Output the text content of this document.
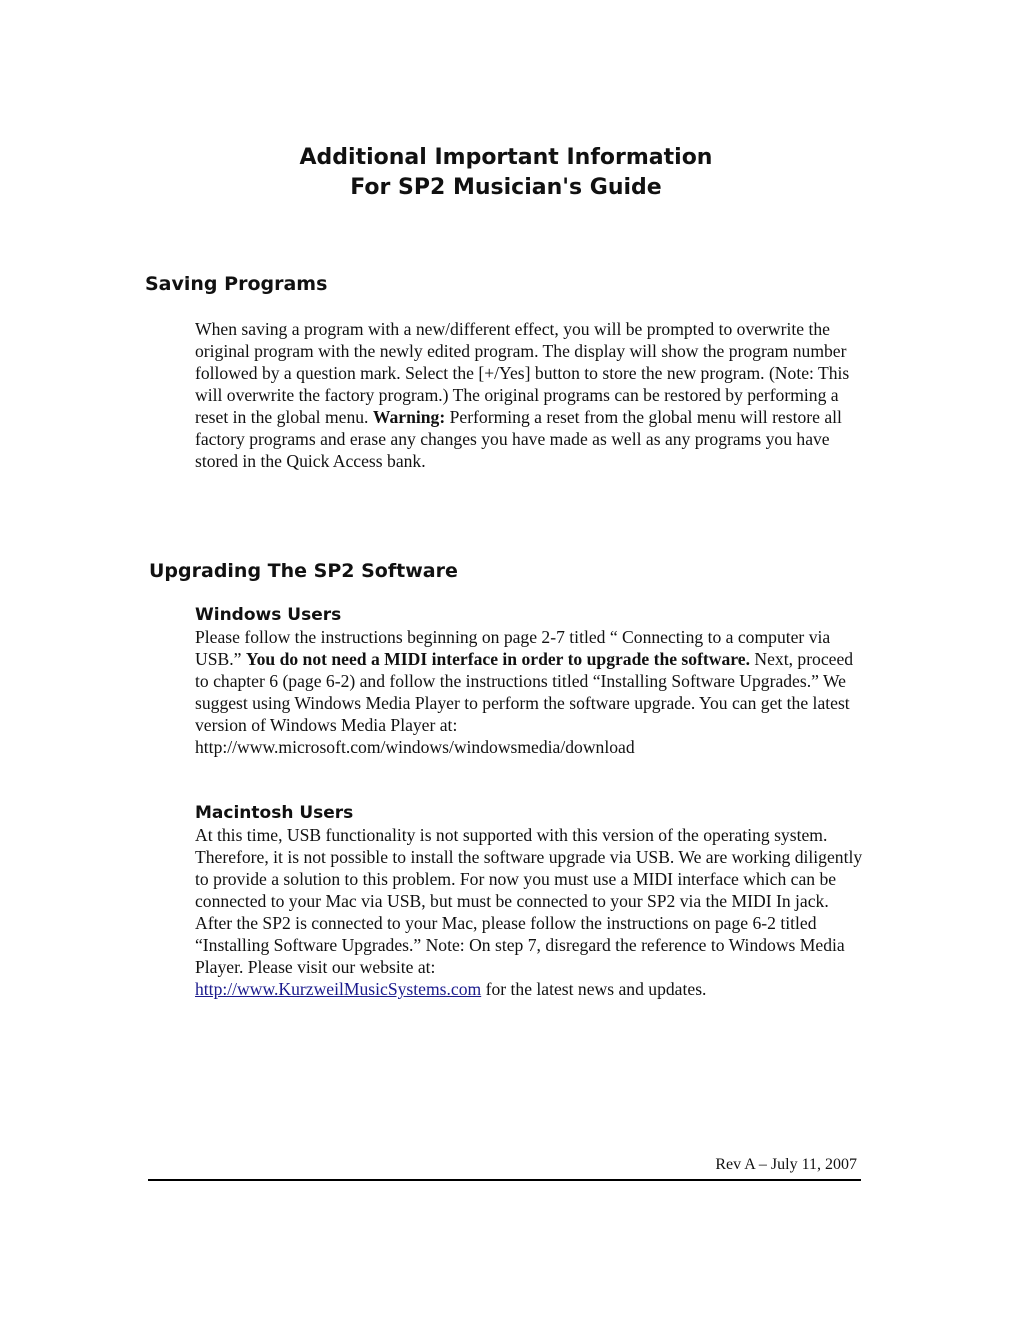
Additional Important Information
For SP2 Musician's Guide
Saving Programs

When saving a program with a new/different effect, you will be prompted to overwrite the original program with the newly edited program. The display will show the program number followed by a question mark. Select the [+/Yes] button to store the new program. (Note: This will overwrite the factory program.) The original programs can be restored by performing a reset in the global menu. Warning: Performing a reset from the global menu will restore all factory programs and erase any changes you have made as well as any programs you have stored in the Quick Access bank.

Upgrading The SP2 Software
Windows Users

Please follow the instructions beginning on page 2-7 titled “ Connecting to a computer via USB.” You do not need a MIDI interface in order to upgrade the software. Next, proceed to chapter 6 (page 6-2) and follow the instructions titled “Installing Software Upgrades.” We suggest using Windows Media Player to perform the software upgrade. You can get the latest version of Windows Media Player at:

http://www.microsoft.com/windows/windowsmedia/download

Macintosh Users

At this time, USB functionality is not supported with this version of the operating system. Therefore, it is not possible to install the software upgrade via USB. We are working diligently to provide a solution to this problem. For now you must use a MIDI interface which can be connected to your Mac via USB, but must be connected to your SP2 via the MIDI In jack. After the SP2 is connected to your Mac, please follow the instructions on page 6-2 titled “Installing Software Upgrades.” Note: On step 7, disregard the reference to Windows Media Player. Please visit our website at:
http://www.KurzweilMusicSystems.com for the latest news and updates.

Rev A – July 11, 2007
